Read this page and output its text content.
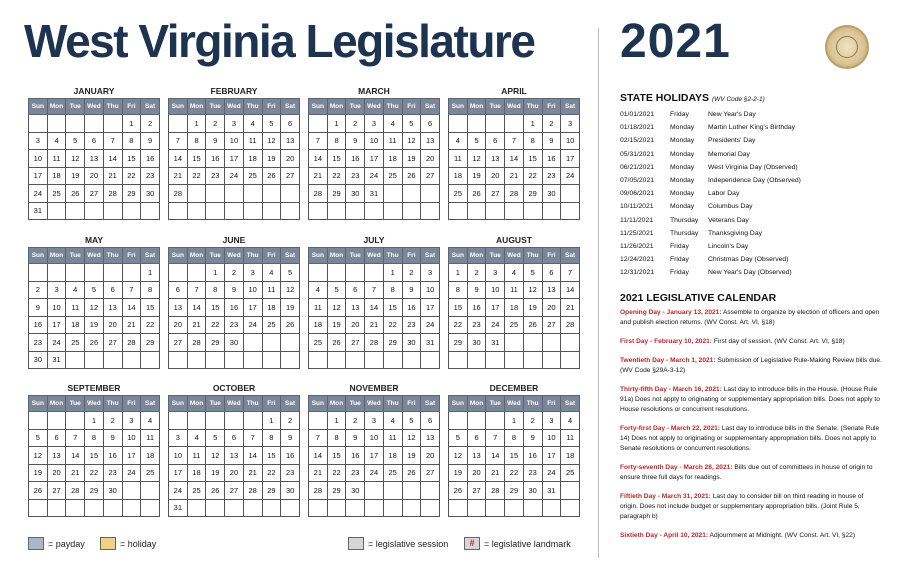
West Virginia Legislature 2021
JANUARY
Sun	Mon	Tue	Wed	Thu	Fri	Sat
					1	2
3	4	5	6	7	8	9
10	11	12	13	14	15	16
17	18	19	20	21	22	23
24	25	26	27	28	29	30
31						
FEBRUARY
Sun	Mon	Tue	Wed	Thu	Fri	Sat
	1	2	3	4	5	6
7	8	9	10	11	12	13
14	15	16	17	18	19	20
21	22	23	24	25	26	27
28						

MARCH
Sun	Mon	Tue	Wed	Thu	Fri	Sat
	1	2	3	4	5	6
7	8	9	10	11	12	13
14	15	16	17	18	19	20
21	22	23	24	25	26	27
28	29	30	31			

APRIL
Sun	Mon	Tue	Wed	Thu	Fri	Sat
				1	2	3
4	5	6	7	8	9	10
11	12	13	14	15	16	17
18	19	20	21	22	23	24
25	26	27	28	29	30	

MAY
Sun	Mon	Tue	Wed	Thu	Fri	Sat
						1
2	3	4	5	6	7	8
9	10	11	12	13	14	15
16	17	18	19	20	21	22
23	24	25	26	27	28	29
30	31					
JUNE
Sun	Mon	Tue	Wed	Thu	Fri	Sat
		1	2	3	4	5
6	7	8	9	10	11	12
13	14	15	16	17	18	19
20	21	22	23	24	25	26
27	28	29	30			

JULY
Sun	Mon	Tue	Wed	Thu	Fri	Sat
				1	2	3
4	5	6	7	8	9	10
11	12	13	14	15	16	17
18	19	20	21	22	23	24
25	26	27	28	29	30	31

AUGUST
Sun	Mon	Tue	Wed	Thu	Fri	Sat
1	2	3	4	5	6	7
8	9	10	11	12	13	14
15	16	17	18	19	20	21
22	23	24	25	26	27	28
29	30	31				

SEPTEMBER
Sun	Mon	Tue	Wed	Thu	Fri	Sat
			1	2	3	4
5	6	7	8	9	10	11
12	13	14	15	16	17	18
19	20	21	22	23	24	25
26	27	28	29	30		

OCTOBER
Sun	Mon	Tue	Wed	Thu	Fri	Sat
					1	2
3	4	5	6	7	8	9
10	11	12	13	14	15	16
17	18	19	20	21	22	23
24	25	26	27	28	29	30
31						
NOVEMBER
Sun	Mon	Tue	Wed	Thu	Fri	Sat
	1	2	3	4	5	6
7	8	9	10	11	12	13
14	15	16	17	18	19	20
21	22	23	24	25	26	27
28	29	30				

DECEMBER
Sun	Mon	Tue	Wed	Thu	Fri	Sat
			1	2	3	4
5	6	7	8	9	10	11
12	13	14	15	16	17	18
19	20	21	22	23	24	25
26	27	28	29	30	31	

= payday	= holiday	= legislative session	#	= legislative landmark
STATE HOLIDAYS (WV Code §2-2-1)
01/01/2021 Friday	New Year's Day
01/18/2021 Monday Martin Luther King's Birthday
02/15/2021 Monday Presidents' Day
05/31/2021 Monday Memorial Day
06/21/2021 Monday West Virginia Day (Observed)
07/05/2021 Monday Independence Day (Observed)
09/06/2021 Monday Labor Day
10/11/2021 Monday Columbus Day
11/11/2021 Thursday Veterans Day
11/25/2021 Thursday Thanksgiving Day
11/26/2021 Friday	Lincoln's Day
12/24/2021 Friday	Christmas Day (Observed)
12/31/2021 Friday	New Year's Day (Observed)
2021 LEGISLATIVE CALENDAR
Opening Day - January 13, 2021: Assemble to organize by election of officers and open and publish election returns. (WV Const. Art. VI, §18)
First Day - February 10, 2021: First day of session. (WV Const. Art. VI, §18)
Twentieth Day - March 1, 2021: Submission of Legislative Rule-Making Review bills due. (WV Code §29A-3-12)
Thirty-fifth Day - March 16, 2021: Last day to introduce bills in the House. (House Rule 91a) Does not apply to originating or supplementary appropriation bills. Does not apply to House resolutions or concurrent resolutions.
Forty-first Day - March 22, 2021: Last day to introduce bills in the Senate. (Senate Rule 14) Does not apply to originating or supplementary appropriation bills. Does not apply to Senate resolutions or concurrent resolutions.
Forty-seventh Day - March 28, 2021: Bills due out of committees in house of origin to ensure three full days for readings.
Fiftieth Day - March 31, 2021: Last day to consider bill on third reading in house of origin. Does not include budget or supplementary appropriation bills. (Joint Rule 5, paragraph b)
Sixtieth Day - April 10, 2021: Adjournment at Midnight. (WV Const. Art. VI, §22)
